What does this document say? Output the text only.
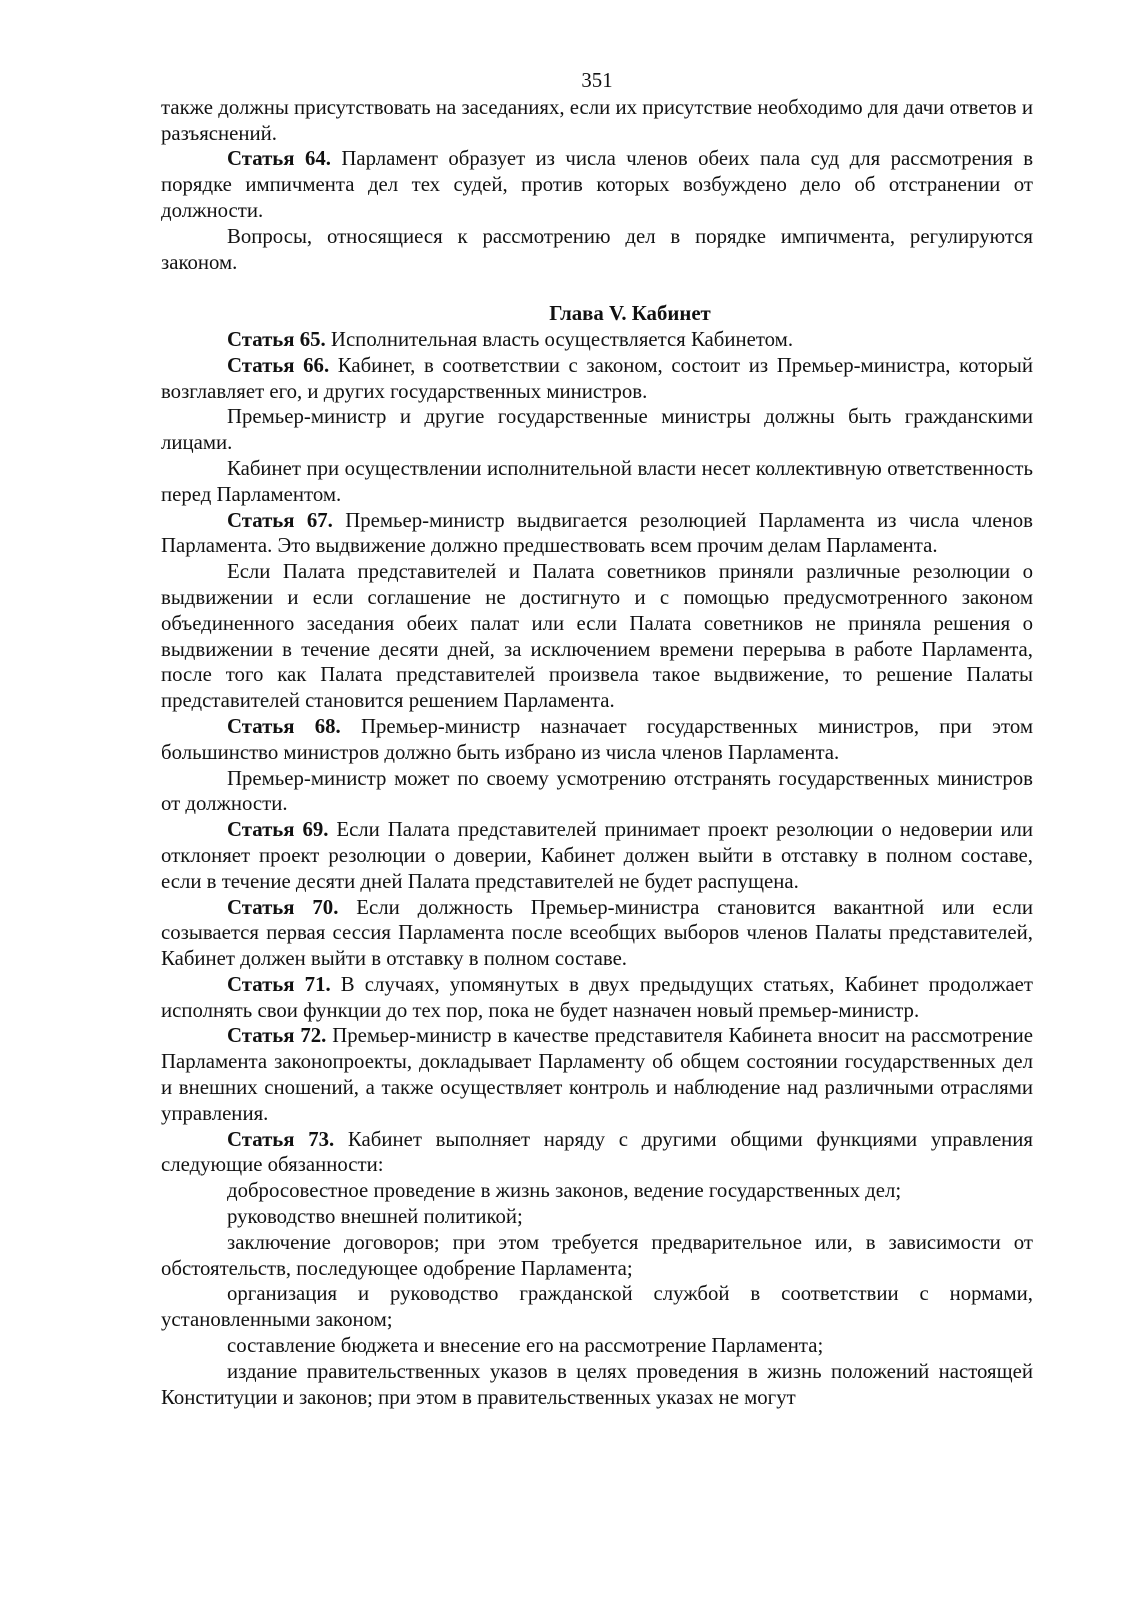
351

также должны присутствовать на заседаниях, если их присутствие необходимо для дачи ответов и разъяснений.

Статья 64. Парламент образует из числа членов обеих пала суд для рассмотрения в порядке импичмента дел тех судей, против которых возбуждено дело об отстранении от должности.

Вопросы, относящиеся к рассмотрению дел в порядке импичмента, регулируются законом.

Глава V. Кабинет

Статья 65. Исполнительная власть осуществляется Кабинетом.

Статья 66. Кабинет, в соответствии с законом, состоит из Премьер-министра, который возглавляет его, и других государственных министров.

Премьер-министр и другие государственные министры должны быть гражданскими лицами.

Кабинет при осуществлении исполнительной власти несет коллективную ответственность перед Парламентом.

Статья 67. Премьер-министр выдвигается резолюцией Парламента из числа членов Парламента. Это выдвижение должно предшествовать всем прочим делам Парламента.

Если Палата представителей и Палата советников приняли различные резолюции о выдвижении и если соглашение не достигнуто и с помощью предусмотренного законом объединенного заседания обеих палат или если Палата советников не приняла решения о выдвижении в течение десяти дней, за исключением времени перерыва в работе Парламента, после того как Палата представителей произвела такое выдвижение, то решение Палаты представителей становится решением Парламента.

Статья 68. Премьер-министр назначает государственных министров, при этом большинство министров должно быть избрано из числа членов Парламента.

Премьер-министр может по своему усмотрению отстранять государственных министров от должности.

Статья 69. Если Палата представителей принимает проект резолюции о недоверии или отклоняет проект резолюции о доверии, Кабинет должен выйти в отставку в полном составе, если в течение десяти дней Палата представителей не будет распущена.

Статья 70. Если должность Премьер-министра становится вакантной или если созывается первая сессия Парламента после всеобщих выборов членов Палаты представителей, Кабинет должен выйти в отставку в полном составе.

Статья 71. В случаях, упомянутых в двух предыдущих статьях, Кабинет продолжает исполнять свои функции до тех пор, пока не будет назначен новый премьер-министр.

Статья 72. Премьер-министр в качестве представителя Кабинета вносит на рассмотрение Парламента законопроекты, докладывает Парламенту об общем состоянии государственных дел и внешних сношений, а также осуществляет контроль и наблюдение над различными отраслями управления.

Статья 73. Кабинет выполняет наряду с другими общими функциями управления следующие обязанности:

добросовестное проведение в жизнь законов, ведение государственных дел;

руководство внешней политикой;

заключение договоров; при этом требуется предварительное или, в зависимости от обстоятельств, последующее одобрение Парламента;

организация и руководство гражданской службой в соответствии с нормами, установленными законом;

составление бюджета и внесение его на рассмотрение Парламента;

издание правительственных указов в целях проведения в жизнь положений настоящей Конституции и законов; при этом в правительственных указах не могут
